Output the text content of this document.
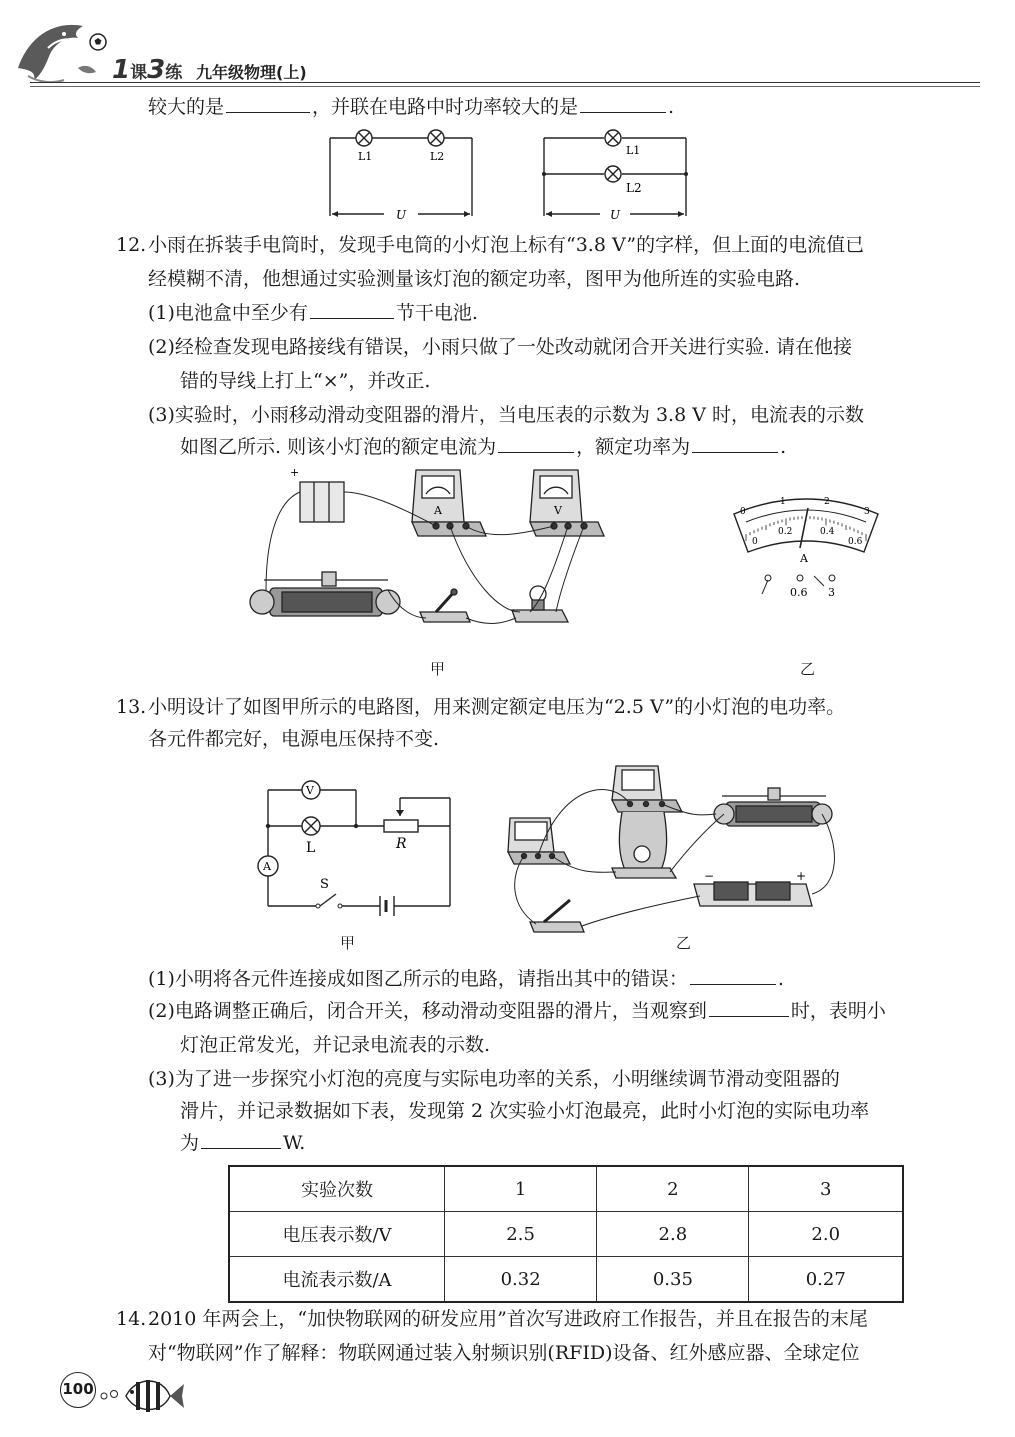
1课3练 九年级物理(上)
较大的是	，并联在电路中时功率较大的是	.
L1	L2
U
L1
L2
U
12. 小雨在拆装手电筒时，发现手电筒的小灯泡上标有“3.8 V”的字样，但上面的电流值已
经模糊不清，他想通过实验测量该灯泡的额定功率，图甲为他所连的实验电路.
(1)电池盒中至少有	节干电池.
(2)经检查发现电路接线有错误，小雨只做了一处改动就闭合开关进行实验. 请在他接
错的导线上打上“×”，并改正.
(3)实验时，小雨移动滑动变阻器的滑片，当电压表的示数为 3.8 V 时，电流表的示数
如图乙所示. 则该小灯泡的额定电流为	，额定功率为	.
+
A	V
甲
0
1	2
3
0
0.2	0.4
0.6
A
0.6 3
乙
13. 小明设计了如图甲所示的电路图，用来测定额定电压为“2.5 V”的小灯泡的电功率。
各元件都完好，电源电压保持不变.
V
A
L	R
S
甲
−	+
乙
(1)小明将各元件连接成如图乙所示的电路，请指出其中的错误：	.
(2)电路调整正确后，闭合开关，移动滑动变阻器的滑片，当观察到	时，表明小
灯泡正常发光，并记录电流表的示数.
(3)为了进一步探究小灯泡的亮度与实际电功率的关系，小明继续调节滑动变阻器的
滑片，并记录数据如下表，发现第 2 次实验小灯泡最亮，此时小灯泡的实际电功率
为	W.
实验次数	1	2	3
电压表示数/V	2.5	2.8	2.0
电流表示数/A	0.32	0.35	0.27
14. 2010 年两会上，“加快物联网的研发应用”首次写进政府工作报告，并且在报告的末尾
对“物联网”作了解释：物联网通过装入射频识别(RFID)设备、红外感应器、全球定位
100
